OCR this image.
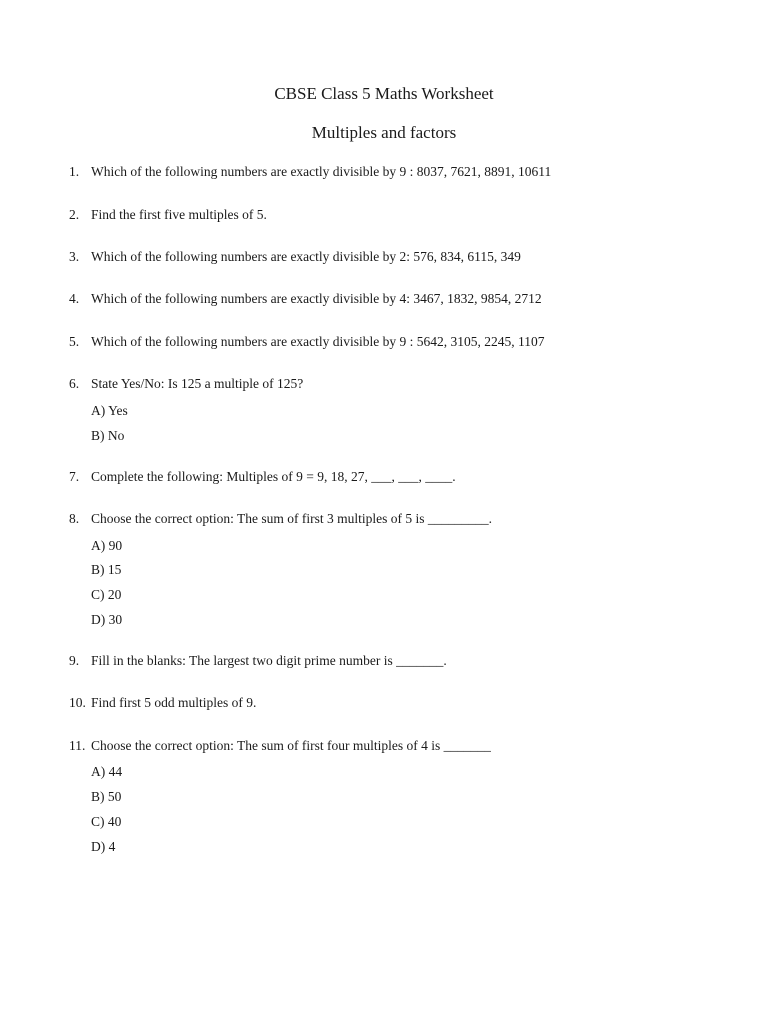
CBSE Class 5 Maths Worksheet
Multiples and factors
1. Which of the following numbers are exactly divisible by 9 : 8037, 7621, 8891, 10611
2. Find the first five multiples of 5.
3. Which of the following numbers are exactly divisible by 2: 576, 834, 6115, 349
4. Which of the following numbers are exactly divisible by 4: 3467, 1832, 9854, 2712
5. Which of the following numbers are exactly divisible by 9 : 5642, 3105, 2245, 1107
6. State Yes/No: Is 125 a multiple of 125?
A) Yes
B) No
7. Complete the following: Multiples of 9 = 9, 18, 27, ___, ___, ____.
8. Choose the correct option: The sum of first 3 multiples of 5 is _________.
A) 90
B) 15
C) 20
D) 30
9. Fill in the blanks: The largest two digit prime number is _______.
10. Find first 5 odd multiples of 9.
11. Choose the correct option: The sum of first four multiples of 4 is _______
A) 44
B) 50
C) 40
D) 4
